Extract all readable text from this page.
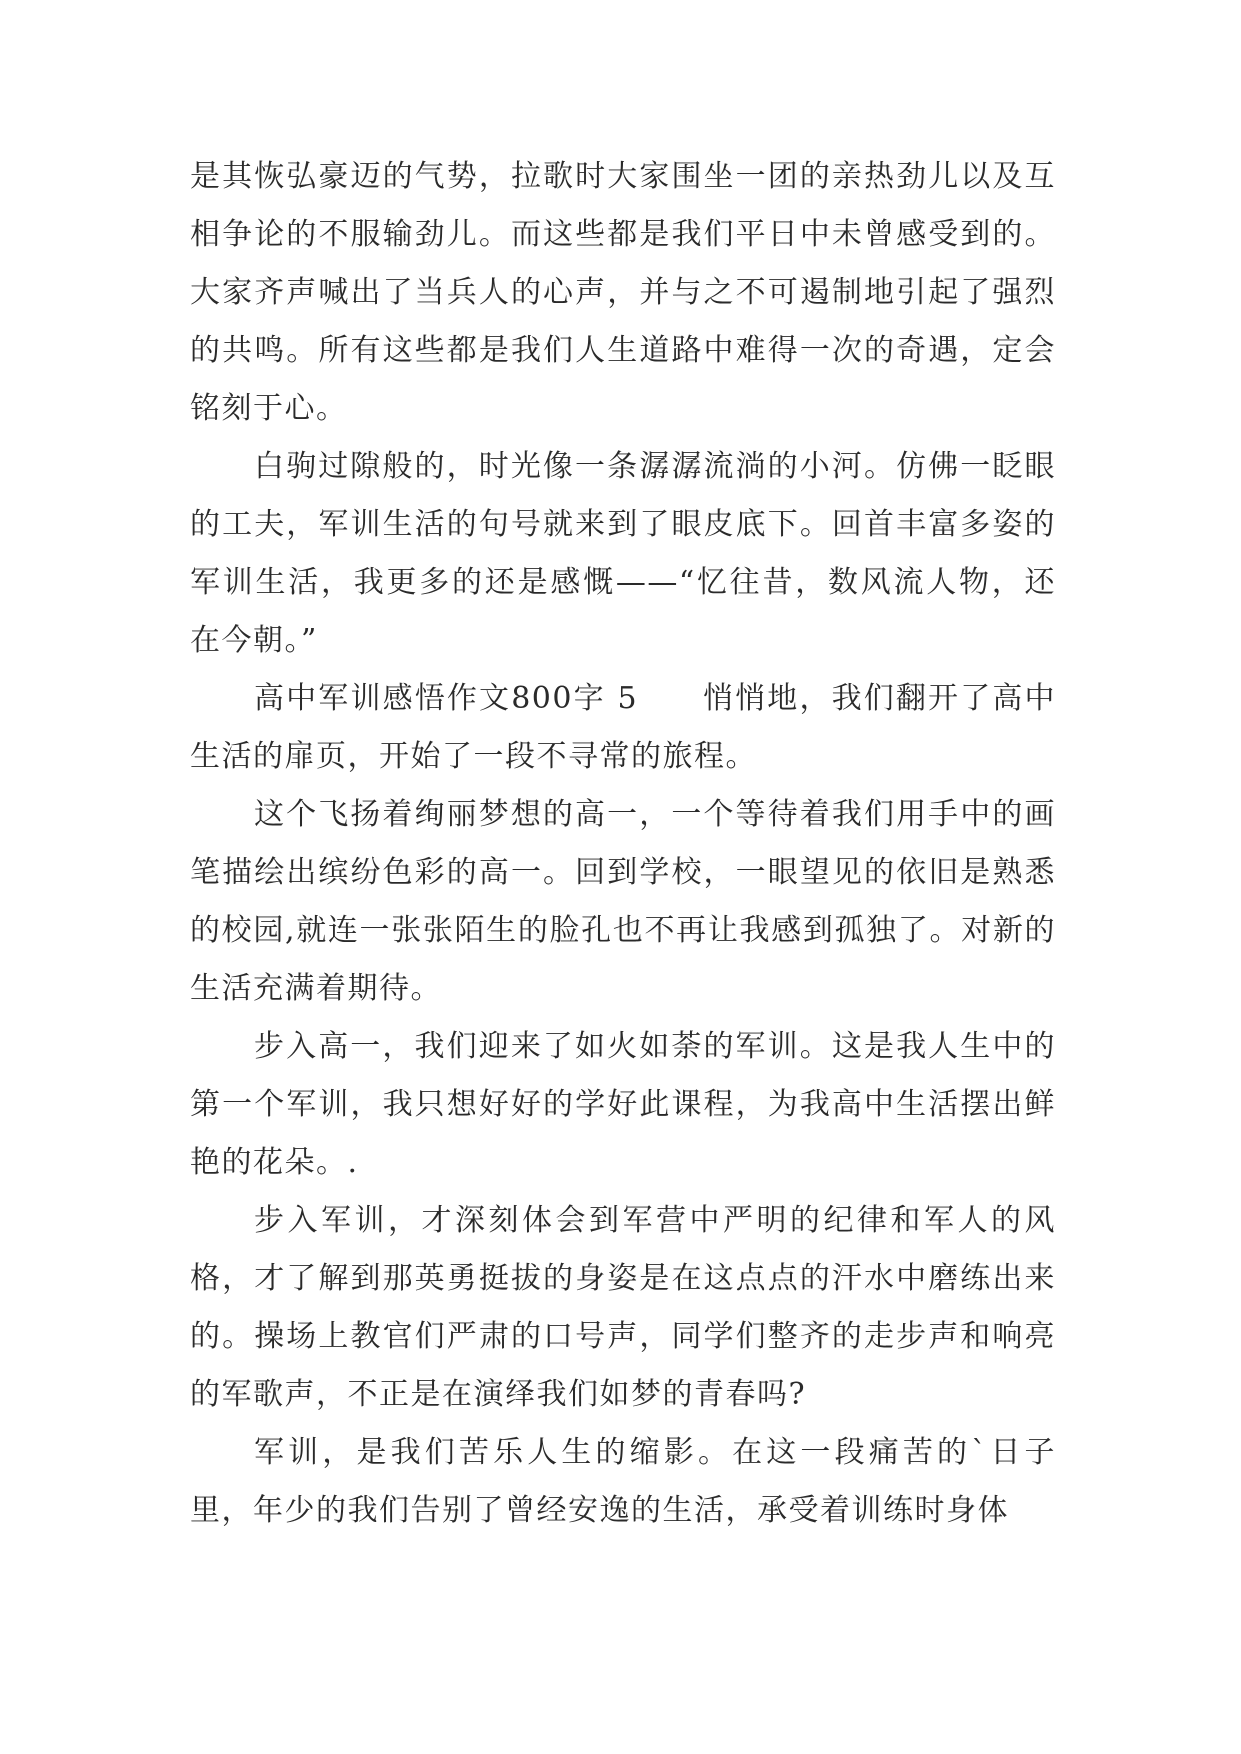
是其恢弘豪迈的气势，拉歌时大家围坐一团的亲热劲儿以及互相争论的不服输劲儿。而这些都是我们平日中未曾感受到的。大家齐声喊出了当兵人的心声，并与之不可遏制地引起了强烈的共鸣。所有这些都是我们人生道路中难得一次的奇遇，定会铭刻于心。

白驹过隙般的，时光像一条潺潺流淌的小河。仿佛一眨眼的工夫，军训生活的句号就来到了眼皮底下。回首丰富多姿的军训生活，我更多的还是感慨——“忆往昔，数风流人物，还在今朝。”

高中军训感悟作文800字 5　　悄悄地，我们翻开了高中生活的扉页，开始了一段不寻常的旅程。

这个飞扬着绚丽梦想的高一，一个等待着我们用手中的画笔描绘出缤纷色彩的高一。回到学校，一眼望见的依旧是熟悉的校园,就连一张张陌生的脸孔也不再让我感到孤独了。对新的生活充满着期待。

步入高一，我们迎来了如火如荼的军训。这是我人生中的第一个军训，我只想好好的学好此课程，为我高中生活摆出鲜艳的花朵。.

步入军训，才深刻体会到军营中严明的纪律和军人的风格，才了解到那英勇挺拔的身姿是在这点点的汗水中磨练出来的。操场上教官们严肃的口号声，同学们整齐的走步声和响亮的军歌声，不正是在演绎我们如梦的青春吗?

军训，是我们苦乐人生的缩影。在这一段痛苦的`日子里，年少的我们告别了曾经安逸的生活，承受着训练时身体
